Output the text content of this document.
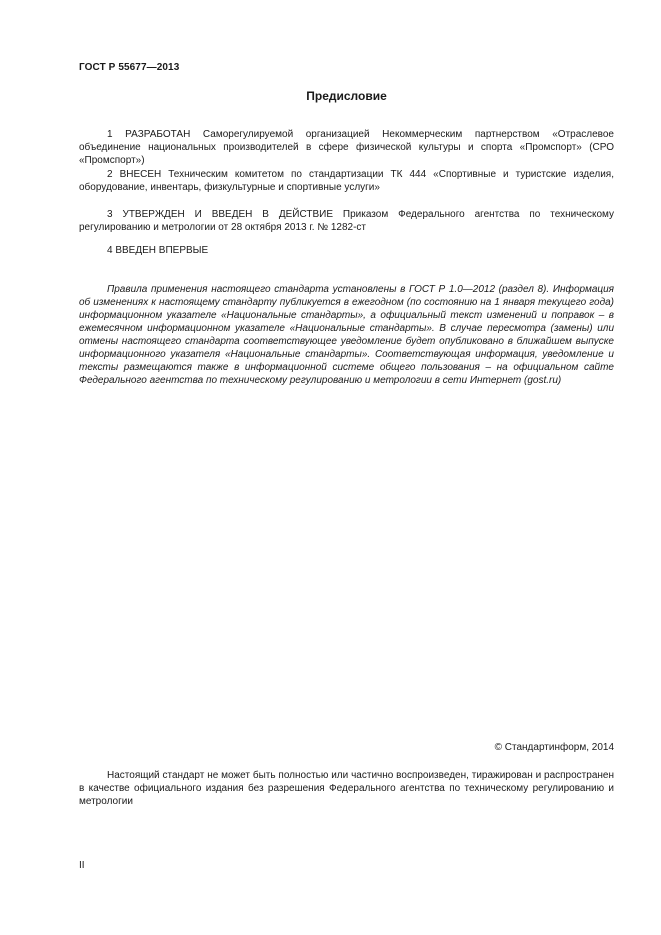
ГОСТ Р 55677—2013
Предисловие

1 РАЗРАБОТАН Саморегулируемой организацией Некоммерческим партнерством «Отраслевое объединение национальных производителей в сфере физической культуры и спорта «Промспорт» (СРО «Промспорт»)

2 ВНЕСЕН Техническим комитетом по стандартизации ТК 444 «Спортивные и туристские изделия, оборудование, инвентарь, физкультурные и спортивные услуги»

3 УТВЕРЖДЕН И ВВЕДЕН В ДЕЙСТВИЕ Приказом Федерального агентства по техническому регулированию и метрологии от 28 октября 2013 г. № 1282-ст

4 ВВЕДЕН ВПЕРВЫЕ

Правила применения настоящего стандарта установлены в ГОСТ Р 1.0—2012 (раздел 8). Информация об изменениях к настоящему стандарту публикуется в ежегодном (по состоянию на 1 января текущего года) информационном указателе «Национальные стандарты», а официальный текст изменений и поправок – в ежемесячном информационном указателе «Национальные стандарты». В случае пересмотра (замены) или отмены настоящего стандарта соответствующее уведомление будет опубликовано в ближайшем выпуске информационного указателя «Национальные стандарты». Соответствующая информация, уведомление и тексты размещаются также в информационной системе общего пользования – на официальном сайте Федерального агентства по техническому регулированию и метрологии в сети Интернет (gost.ru)

© Стандартинформ, 2014

Настоящий стандарт не может быть полностью или частично воспроизведен, тиражирован и распространен в качестве официального издания без разрешения Федерального агентства по техническому регулированию и метрологии

II
